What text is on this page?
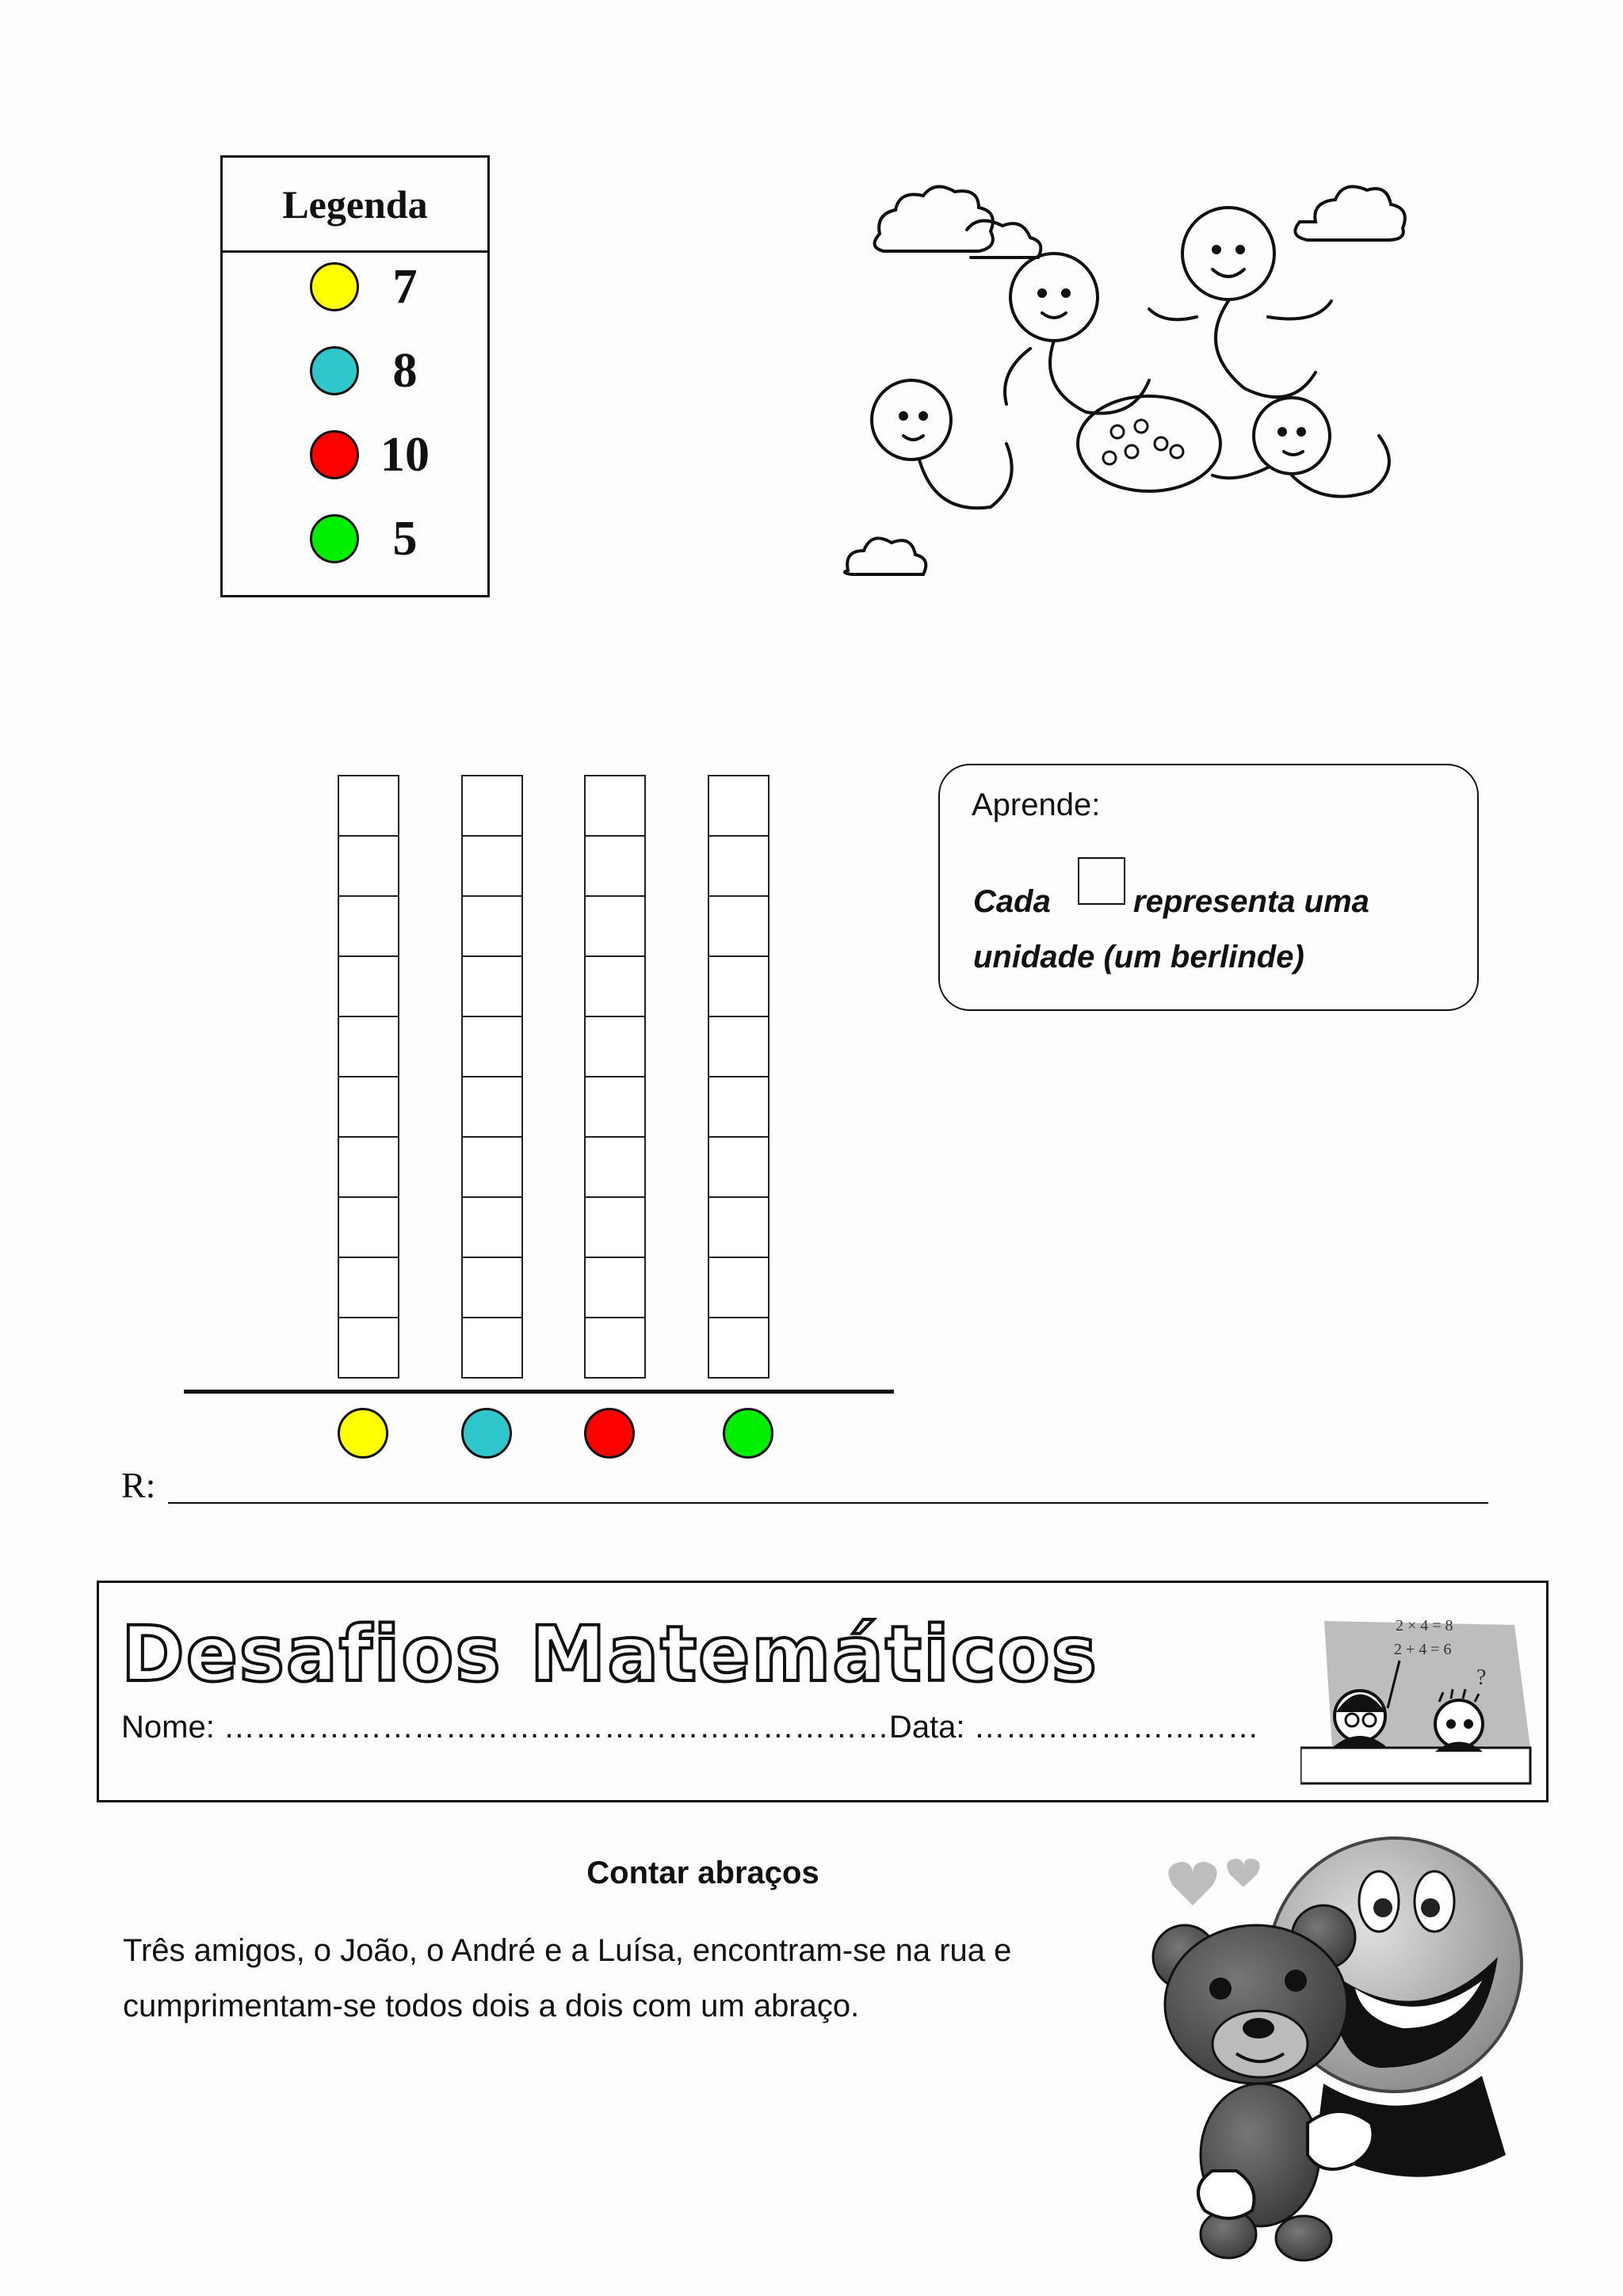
Legenda
7
8
10
5
Aprende:
Cada	representa uma
unidade (um berlinde)
R:
Desafios Matemáticos
Nome: ………………………………………………………Data: ………………………
2 × 4 = 8
2 + 4 = 6
?
Contar abraços
Três amigos, o João, o André e a Luísa, encontram-se na rua e
cumprimentam-se todos dois a dois com um abraço.
